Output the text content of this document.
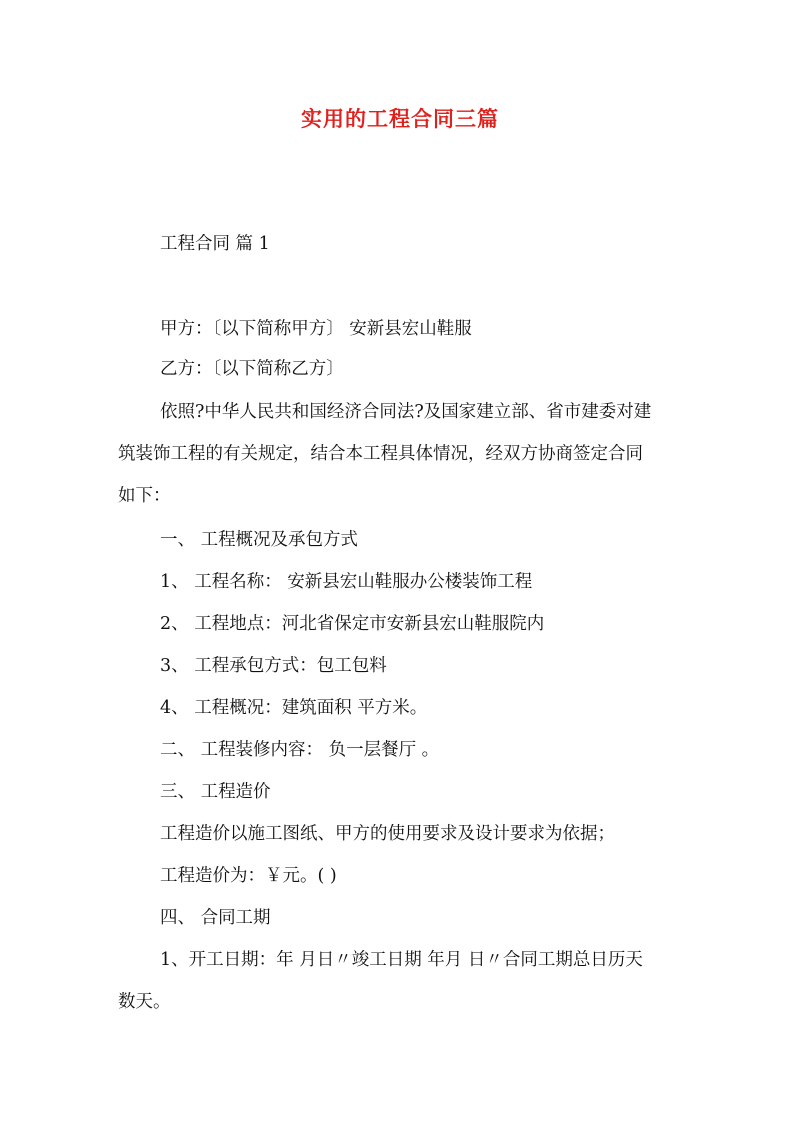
实用的工程合同三篇
工程合同 篇 1
甲方：〔以下简称甲方〕 安新县宏山鞋服
乙方：〔以下简称乙方〕
依照?中华人民共和国经济合同法?及国家建立部、省市建委对建
筑装饰工程的有关规定，结合本工程具体情况，经双方协商签定合同
如下：
一、 工程概况及承包方式
1、 工程名称： 安新县宏山鞋服办公楼装饰工程
2、 工程地点：河北省保定市安新县宏山鞋服院内
3、 工程承包方式：包工包料
4、 工程概况：建筑面积 平方米。
二、 工程装修内容： 负一层餐厅 。
三、 工程造价
工程造价以施工图纸、甲方的使用要求及设计要求为依据；
工程造价为：￥元。( )
四、 合同工期
1、开工日期：年 月日〃竣工日期 年月 日〃合同工期总日历天
数天。
